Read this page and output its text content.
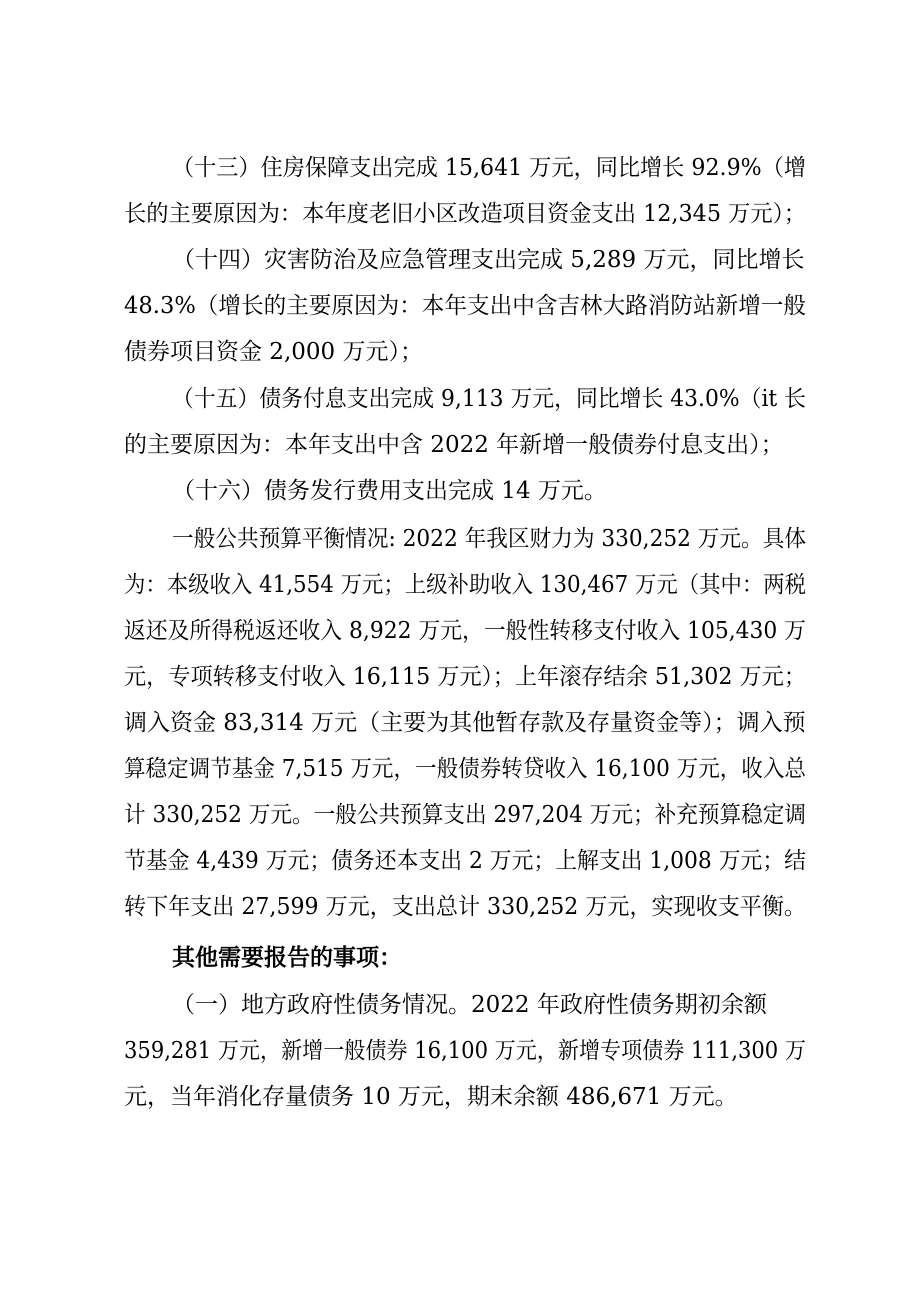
（十三）住房保障支出完成 15,641 万元，同比增长 92.9%（增
长的主要原因为：本年度老旧小区改造项目资金支出 12,345 万元）；
（十四）灾害防治及应急管理支出完成 5,289 万元，同比增长
48.3%（增长的主要原因为：本年支出中含吉林大路消防站新增一般
债券项目资金 2,000 万元）；
（十五）债务付息支出完成 9,113 万元，同比增长 43.0%（it 长
的主要原因为：本年支出中含 2022 年新增一般债券付息支出）；
（十六）债务发行费用支出完成 14 万元。
一般公共预算平衡情况: 2022 年我区财力为 330,252 万元。具体
为：本级收入 41,554 万元；上级补助收入 130,467 万元（其中：两税
返还及所得税返还收入 8,922 万元，一般性转移支付收入 105,430 万
元，专项转移支付收入 16,115 万元）；上年滚存结余 51,302 万元；
调入资金 83,314 万元（主要为其他暂存款及存量资金等）；调入预
算稳定调节基金 7,515 万元，一般债券转贷收入 16,100 万元，收入总
计 330,252 万元。一般公共预算支出 297,204 万元；补充预算稳定调
节基金 4,439 万元；债务还本支出 2 万元；上解支出 1,008 万元；结
转下年支出 27,599 万元，支出总计 330,252 万元，实现收支平衡。
其他需要报告的事项：
（一）地方政府性债务情况。2022 年政府性债务期初余额
359,281 万元，新增一般债券 16,100 万元，新增专项债券 111,300 万
元，当年消化存量债务 10 万元，期末余额 486,671 万元。
